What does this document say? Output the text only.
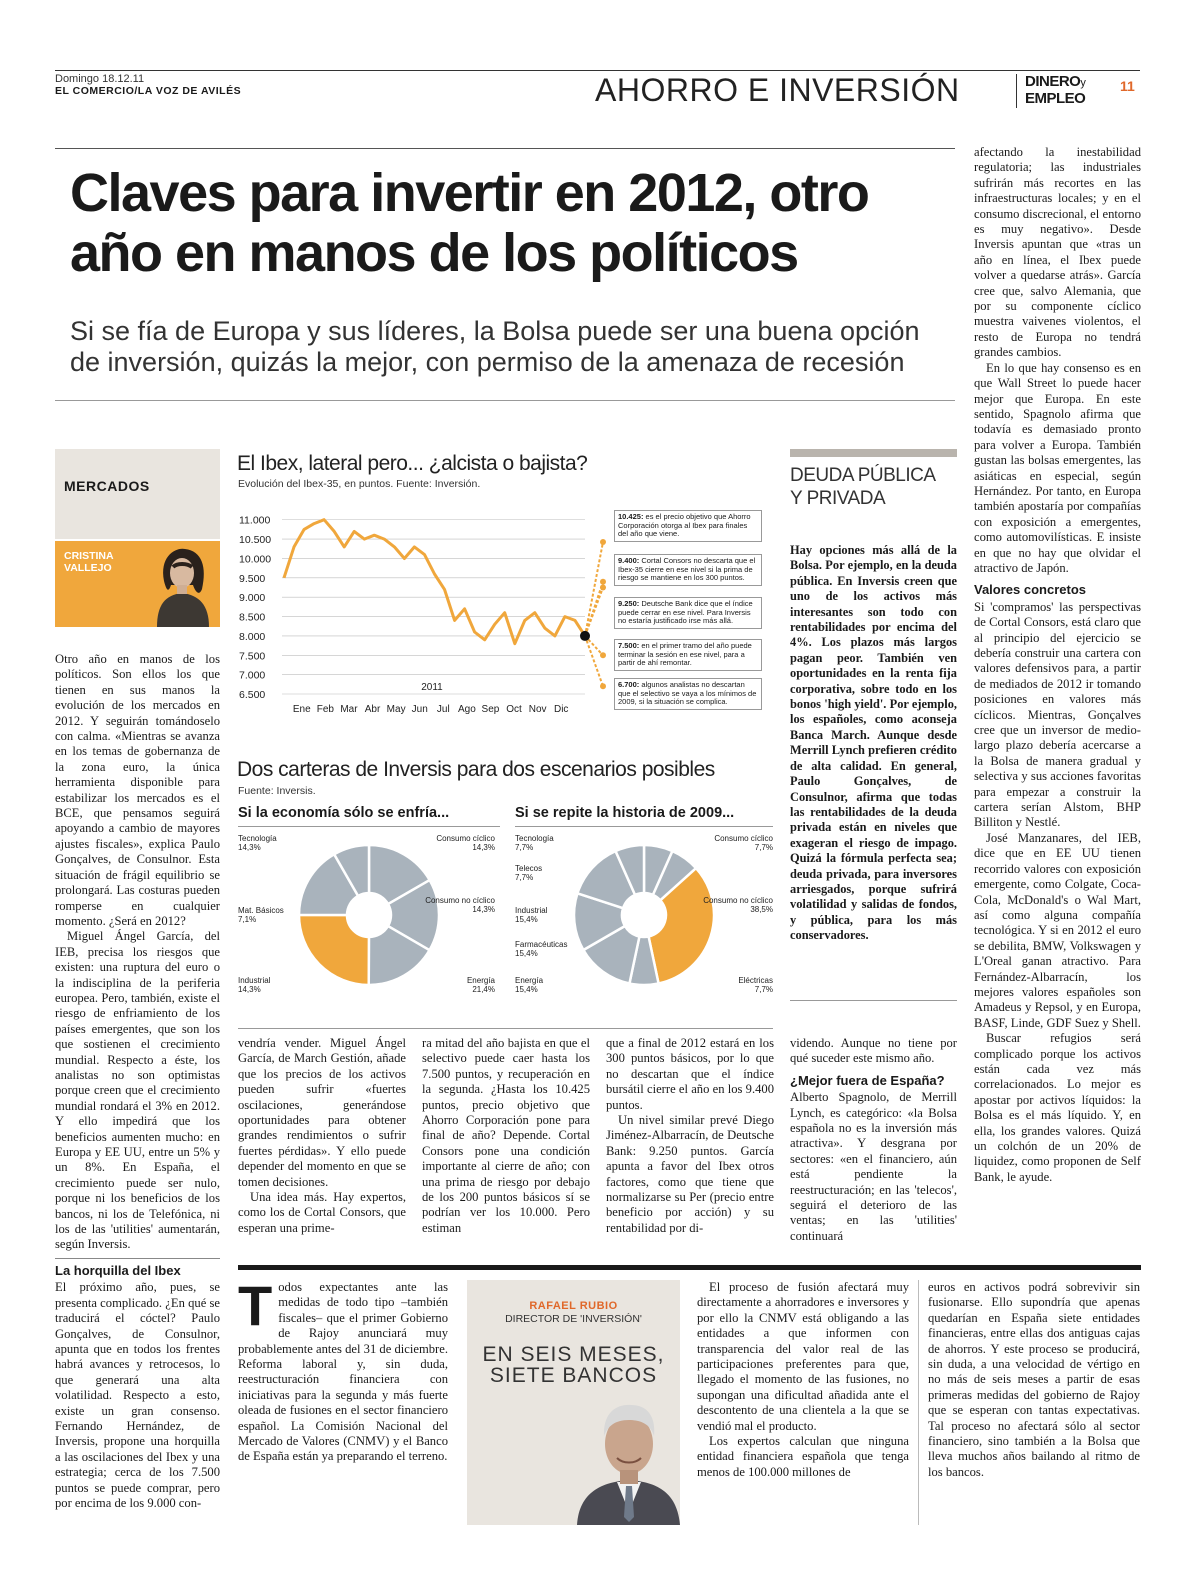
Domingo 18.12.11
EL COMERCIO/LA VOZ DE AVILÉS	AHORRO E INVERSIÓN	DINEROy
EMPLEO
11
Claves para invertir en 2012, otro
año en manos de los políticos
Si se fía de Europa y sus líderes, la Bolsa puede ser una buena opción
de inversión, quizás la mejor, con permiso de la amenaza de recesión
MERCADOS
CRISTINA
VALLEJO

Otro año en manos de los políticos. Son ellos los que tienen en sus manos la evolución de los mercados en 2012. Y seguirán tomándoselo con calma. «Mientras se avanza en los temas de gobernanza de la zona euro, la única herramienta disponible para estabilizar los mercados es el BCE, que pensamos seguirá apoyando a cambio de mayores ajustes fiscales», explica Paulo Gonçalves, de Consulnor. Esta situación de frágil equilibrio se prolongará. Las costuras pueden romperse en cualquier momento. ¿Será en 2012?

Miguel Ángel García, del IEB, precisa los riesgos que existen: una ruptura del euro o la indisciplina de la periferia europea. Pero, también, existe el riesgo de enfriamiento de los países emergentes, que son los que sostienen el crecimiento mundial. Respecto a éste, los analistas no son optimistas porque creen que el crecimiento mundial rondará el 3% en 2012. Y ello impedirá que los beneficios aumenten mucho: en Europa y EE UU, entre un 5% y un 8%. En España, el crecimiento puede ser nulo, porque ni los beneficios de los bancos, ni los de Telefónica, ni los de las 'utilities' aumentarán, según Inversis.

La horquilla del Ibex

El próximo año, pues, se presenta complicado. ¿En qué se traducirá el cóctel? Paulo Gonçalves, de Consulnor, apunta que en todos los frentes habrá avances y retrocesos, lo que generará una alta volatilidad. Respecto a esto, existe un gran consenso. Fernando Hernández, de Inversis, propone una horquilla a las oscilaciones del Ibex y una estrategia; cerca de los 7.500 puntos se puede comprar, pero por encima de los 9.000 con-

El Ibex, lateral pero... ¿alcista o bajista?
Evolución del Ibex-35, en puntos. Fuente: Inversión.
11.000
10.500
10.000
9.500
9.000
8.500
8.000
7.500
7.000
6.500
Ene Feb Mar Abr May Jun Jul Ago Sep Oct Nov Dic
2011
10.425: es el precio objetivo que Ahorro Corporación otorga al Ibex para finales del año que viene.
9.400: Cortal Consors no descarta que el Ibex-35 cierre en ese nivel si la prima de riesgo se mantiene en los 300 puntos.
9.250: Deutsche Bank dice que el índice puede cerrar en ese nivel. Para Inversis no estaría justificado irse más allá.
7.500: en el primer tramo del año puede terminar la sesión en ese nivel, para a partir de ahí remontar.
6.700: algunos analistas no descartan que el selectivo se vaya a los mínimos de 2009, si la situación se complica.
Dos carteras de Inversis para dos escenarios posibles
Fuente: Inversis.
Si la economía sólo se enfría...	Si se repite la historia de 2009...
Tecnología
14,3%
Consumo cíclico
14,3%
Consumo no cíclico
14,3%
Energía
21,4%
Industrial
14,3%
Mat. Básicos
7,1%
Tecnología
7,7%
Consumo cíclico
7,7%
Consumo no cíclico
38,5%
Eléctricas
7,7%
Energía
15,4%
Farmacéuticas
15,4%
Industrial
15,4%
Telecos
7,7%

vendría vender. Miguel Ángel García, de March Gestión, añade que los precios de los activos pueden sufrir «fuertes oscilaciones, generándose oportunidades para obtener grandes rendimientos o sufrir fuertes pérdidas». Y ello puede depender del momento en que se tomen decisiones.

Una idea más. Hay expertos, como los de Cortal Consors, que esperan una prime-

ra mitad del año bajista en que el selectivo puede caer hasta los 7.500 puntos, y recuperación en la segunda. ¿Hasta los 10.425 puntos, precio objetivo que Ahorro Corporación pone para final de año? Depende. Cortal Consors pone una condición importante al cierre de año; con una prima de riesgo por debajo de los 200 puntos básicos sí se podrían ver los 10.000. Pero estiman

que a final de 2012 estará en los 300 puntos básicos, por lo que no descartan que el índice bursátil cierre el año en los 9.400 puntos.

Un nivel similar prevé Diego Jiménez-Albarracín, de Deutsche Bank: 9.250 puntos. García apunta a favor del Ibex otros factores, como que tiene que normalizarse su Per (precio entre beneficio por acción) y su rentabilidad por di-

DEUDA PÚBLICA
Y PRIVADA

Hay opciones más allá de la Bolsa. Por ejemplo, en la deuda pública. En Inversis creen que uno de los activos más interesantes son todo con rentabilidades por encima del 4%. Los plazos más largos pagan peor. También ven oportunidades en la renta fija corporativa, sobre todo en los bonos 'high yield'. Por ejemplo, los españoles, como aconseja Banca March. Aunque desde Merrill Lynch prefieren crédito de alta calidad. En general, Paulo Gonçalves, de Consulnor, afirma que todas las rentabilidades de la deuda privada están en niveles que exageran el riesgo de impago. Quizá la fórmula perfecta sea; deuda privada, para inversores arriesgados, porque sufrirá volatilidad y salidas de fondos, y pública, para los más conservadores.

videndo. Aunque no tiene por qué suceder este mismo año.

¿Mejor fuera de España?

Alberto Spagnolo, de Merrill Lynch, es categórico: «la Bolsa española no es la inversión más atractiva». Y desgrana por sectores: «en el financiero, aún está pendiente la reestructuración; en las 'telecos', seguirá el deterioro de las ventas; en las 'utilities' continuará

afectando la inestabilidad regulatoria; las industriales sufrirán más recortes en las infraestructuras locales; y en el consumo discrecional, el entorno es muy negativo». Desde Inversis apuntan que «tras un año en línea, el Ibex puede volver a quedarse atrás». García cree que, salvo Alemania, que por su componente cíclico muestra vaivenes violentos, el resto de Europa no tendrá grandes cambios.

En lo que hay consenso es en que Wall Street lo puede hacer mejor que Europa. En este sentido, Spagnolo afirma que todavía es demasiado pronto para volver a Europa. También gustan las bolsas emergentes, las asiáticas en especial, según Hernández. Por tanto, en Europa también apostaría por compañías con exposición a emergentes, como automovilísticas. E insiste en que no hay que olvidar el atractivo de Japón.

Valores concretos

Si 'compramos' las perspectivas de Cortal Consors, está claro que al principio del ejercicio se debería construir una cartera con valores defensivos para, a partir de mediados de 2012 ir tomando posiciones en valores más cíclicos. Mientras, Gonçalves cree que un inversor de medio-largo plazo debería acercarse a la Bolsa de manera gradual y selectiva y sus acciones favoritas para empezar a construir la cartera serían Alstom, BHP Billiton y Nestlé.

José Manzanares, del IEB, dice que en EE UU tienen recorrido valores con exposición emergente, como Colgate, Coca-Cola, McDonald's o Wal Mart, así como alguna compañía tecnológica. Y si en 2012 el euro se debilita, BMW, Volkswagen y L'Oreal ganan atractivo. Para Fernández-Albarracín, los mejores valores españoles son Amadeus y Repsol, y en Europa, BASF, Linde, GDF Suez y Shell.

Buscar refugios será complicado porque los activos están cada vez más correlacionados. Lo mejor es apostar por activos líquidos: la Bolsa es el más líquido. Y, en ella, los grandes valores. Quizá un colchón de un 20% de liquidez, como proponen de Self Bank, le ayude.

T odos expectantes ante las medidas de todo tipo –también fiscales– que el primer Gobierno de Rajoy anunciará muy probablemente antes del 31 de diciembre. Reforma laboral y, sin duda, reestructuración financiera con iniciativas para la segunda y más fuerte oleada de fusiones en el sector financiero español. La Comisión Nacional del Mercado de Valores (CNMV) y el Banco de España están ya preparando el terreno.
RAFAEL RUBIO
DIRECTOR DE 'INVERSIÓN'
EN SEIS MESES,
SIETE BANCOS

El proceso de fusión afectará muy directamente a ahorradores e inversores y por ello la CNMV está obligando a las entidades a que informen con transparencia del valor real de las participaciones preferentes para que, llegado el momento de las fusiones, no supongan una dificultad añadida ante el descontento de una clientela a la que se vendió mal el producto.

Los expertos calculan que ninguna entidad financiera española que tenga menos de 100.000 millones de

euros en activos podrá sobrevivir sin fusionarse. Ello supondría que apenas quedarían en España siete entidades financieras, entre ellas dos antiguas cajas de ahorros. Y este proceso se producirá, sin duda, a una velocidad de vértigo en no más de seis meses a partir de esas primeras medidas del gobierno de Rajoy que se esperan con tantas expectativas. Tal proceso no afectará sólo al sector financiero, sino también a la Bolsa que lleva muchos años bailando al ritmo de los bancos.
